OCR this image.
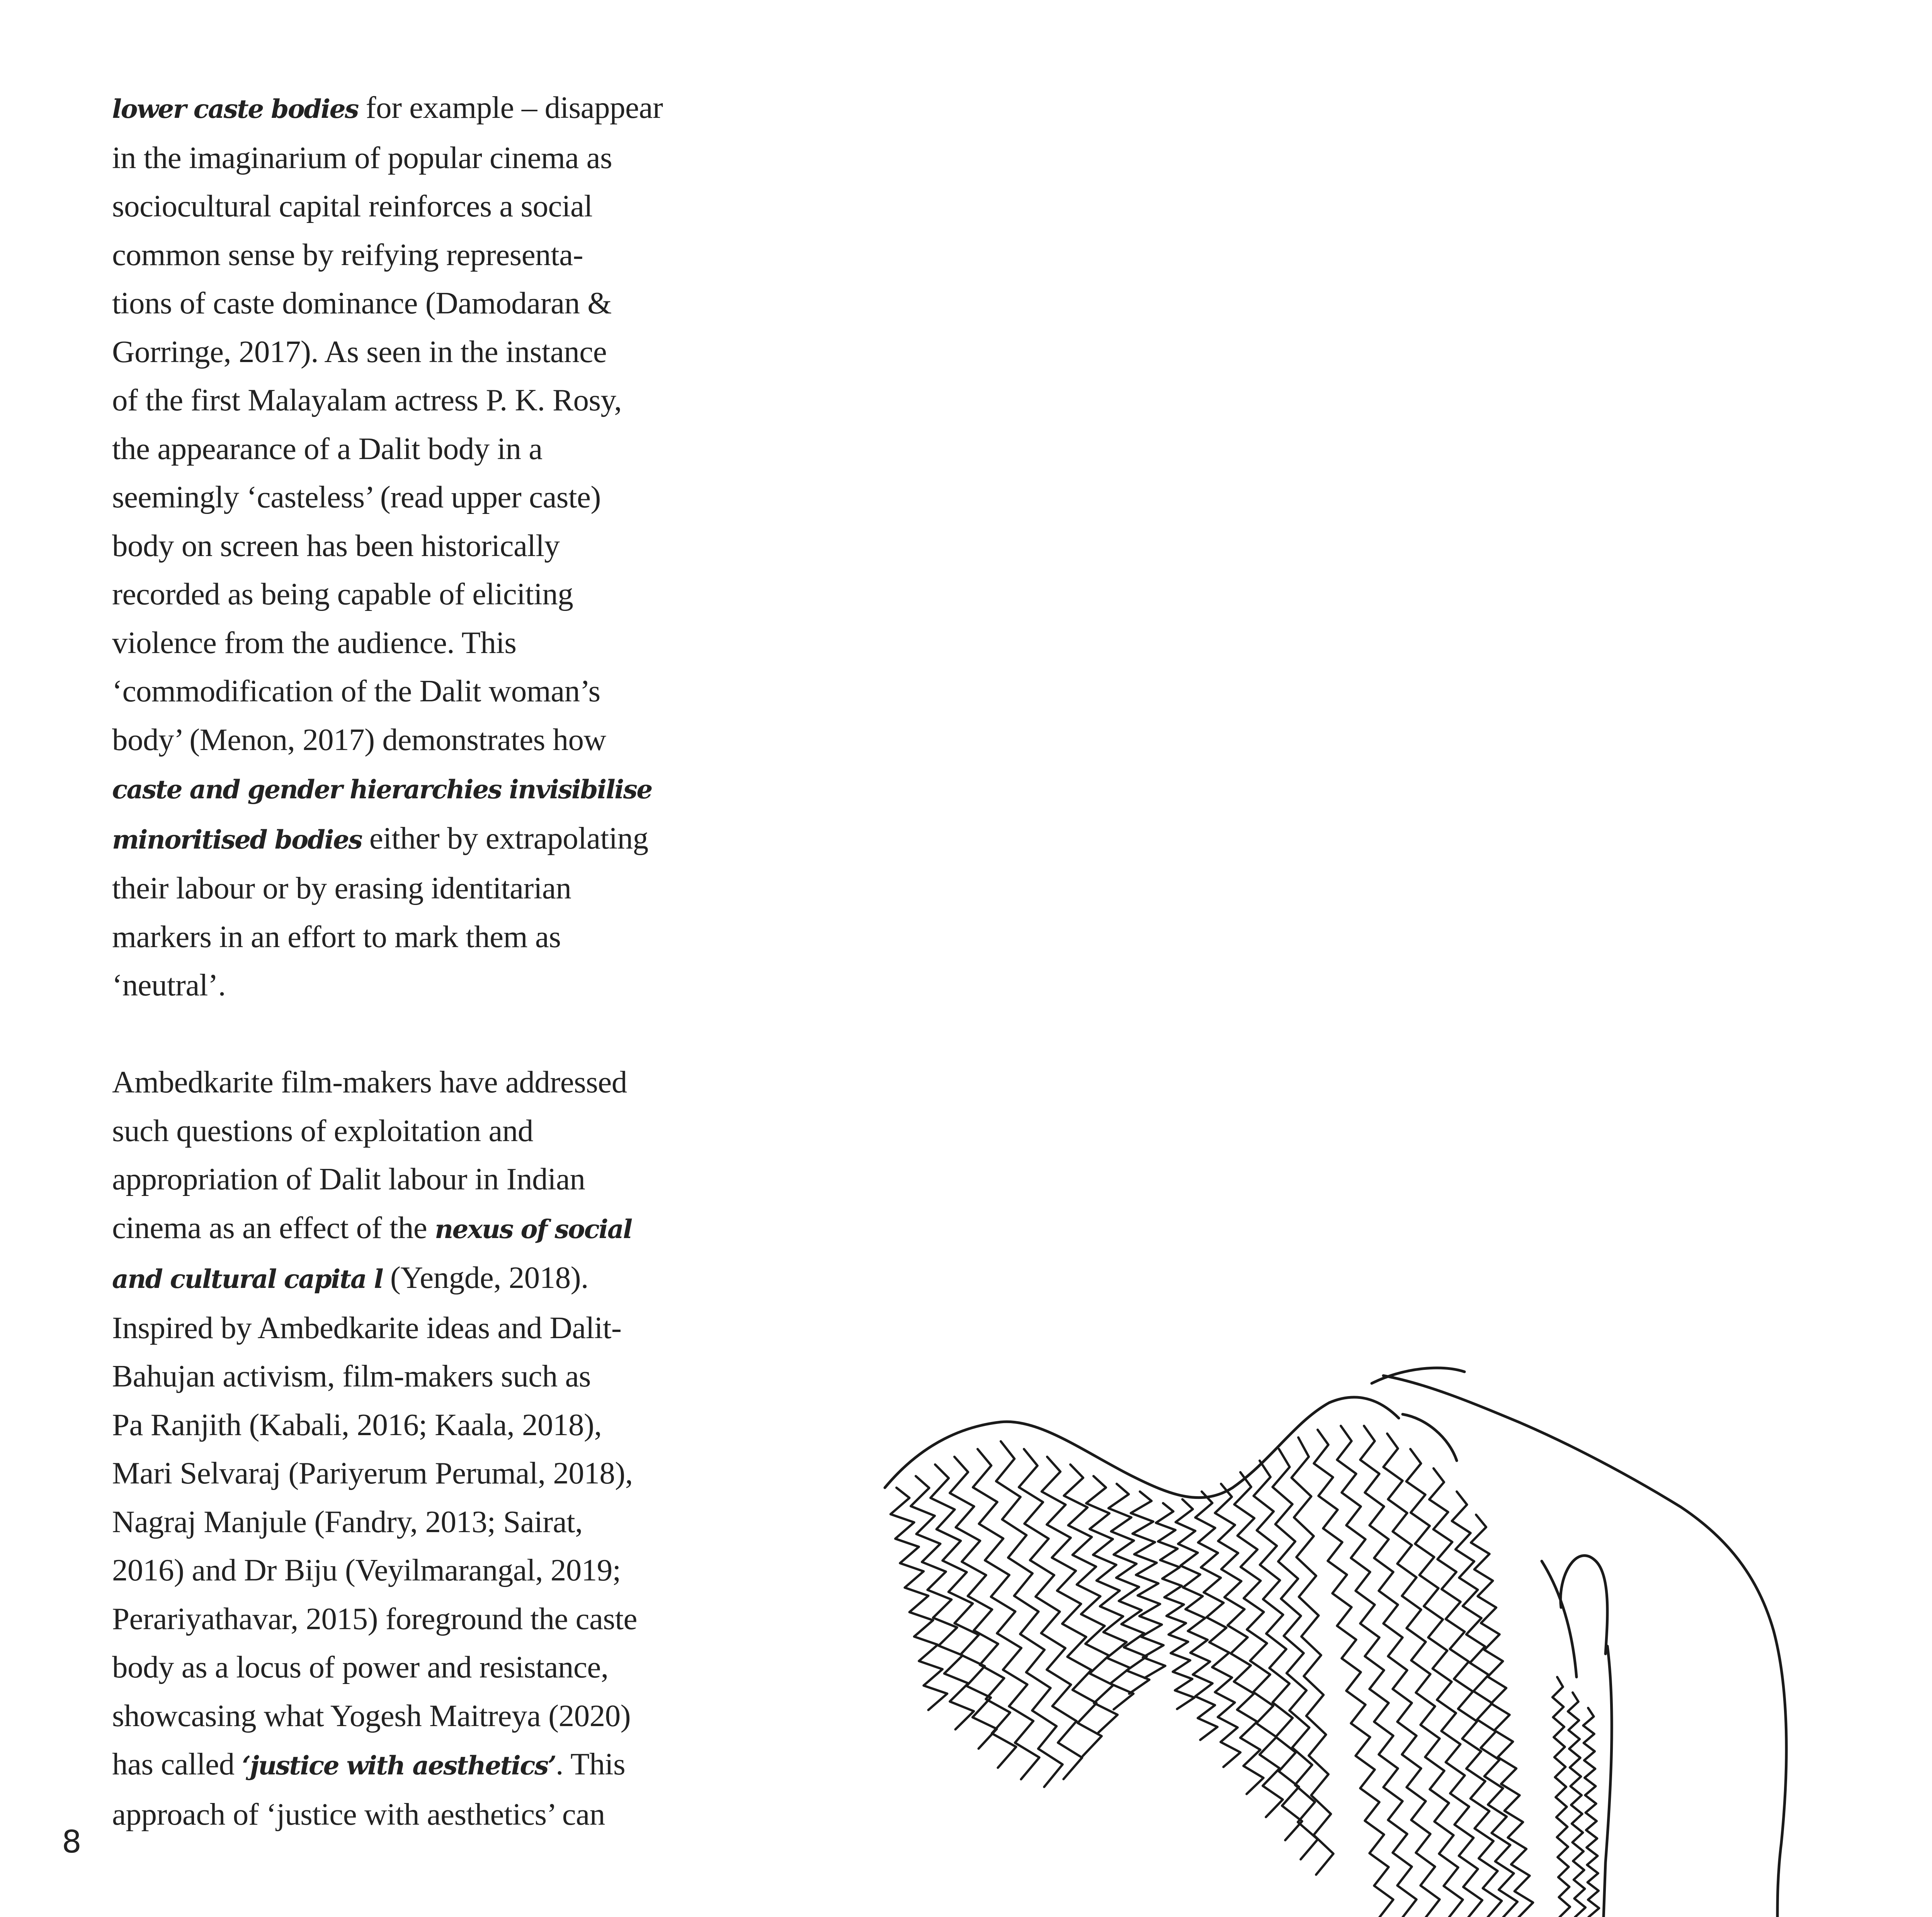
lower caste bodies for example – disappear
in the imaginarium of popular cinema as
sociocultural capital reinforces a social
common sense by reifying representa-
tions of caste dominance (Damodaran &
Gorringe, 2017). As seen in the instance
of the first Malayalam actress P. K. Rosy,
the appearance of a Dalit body in a
seemingly ‘casteless’ (read upper caste)
body on screen has been historically
recorded as being capable of eliciting
violence from the audience. This
‘commodification of the Dalit woman’s
body’ (Menon, 2017) demonstrates how
caste and gender hierarchies invisibilise
minoritised bodies either by extrapolating
their labour or by erasing identitarian
markers in an effort to mark them as
‘neutral’.

Ambedkarite film-makers have addressed
such questions of exploitation and
appropriation of Dalit labour in Indian
cinema as an effect of the nexus of social
and cultural capita l (Yengde, 2018).
Inspired by Ambedkarite ideas and Dalit-
Bahujan activism, film-makers such as
Pa Ranjith (Kabali, 2016; Kaala, 2018),
Mari Selvaraj (Pariyerum Perumal, 2018),
Nagraj Manjule (Fandry, 2013; Sairat,
2016) and Dr Biju (Veyilmarangal, 2019;
Perariyathavar, 2015) foreground the caste
body as a locus of power and resistance,
showcasing what Yogesh Maitreya (2020)
has called ‘justice with aesthetics’. This
approach of ‘justice with aesthetics’ can

8
